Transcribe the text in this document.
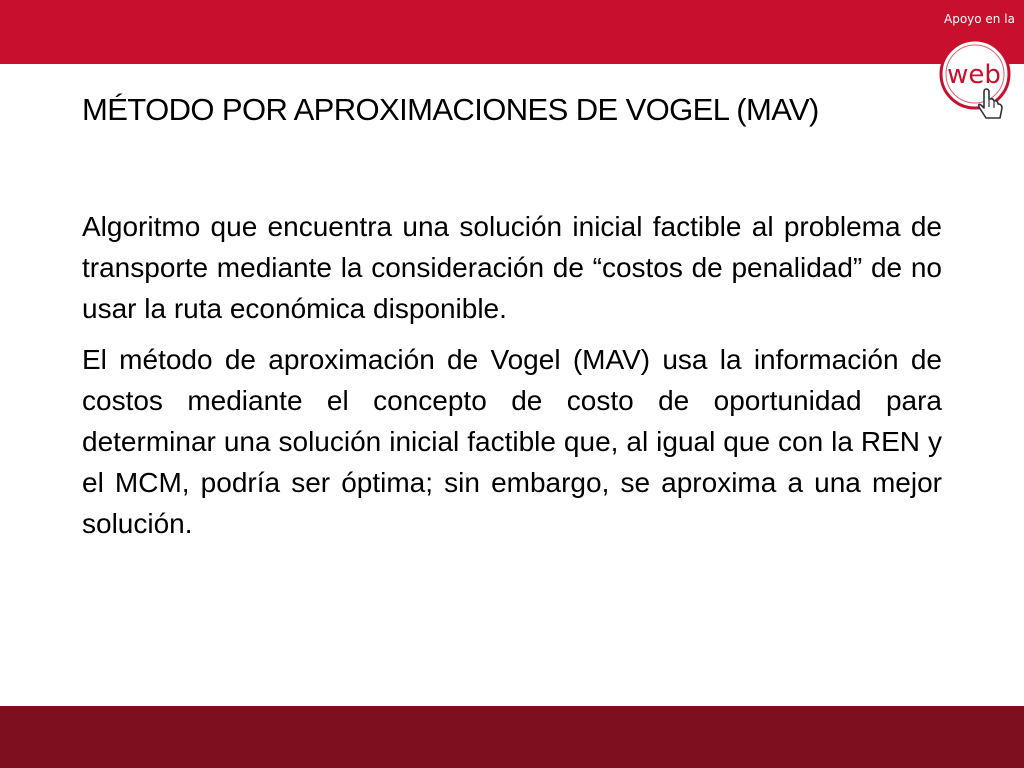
Apoyo en la
web
MÉTODO POR APROXIMACIONES DE VOGEL (MAV)

Algoritmo que encuentra una solución inicial factible al problema de transporte mediante la consideración de “costos de penalidad” de no usar la ruta económica disponible.

El método de aproximación de Vogel (MAV) usa la información de costos mediante el concepto de costo de oportunidad para determinar una solución inicial factible que, al igual que con la REN y el MCM, podría ser óptima; sin embargo, se aproxima a una mejor solución.
